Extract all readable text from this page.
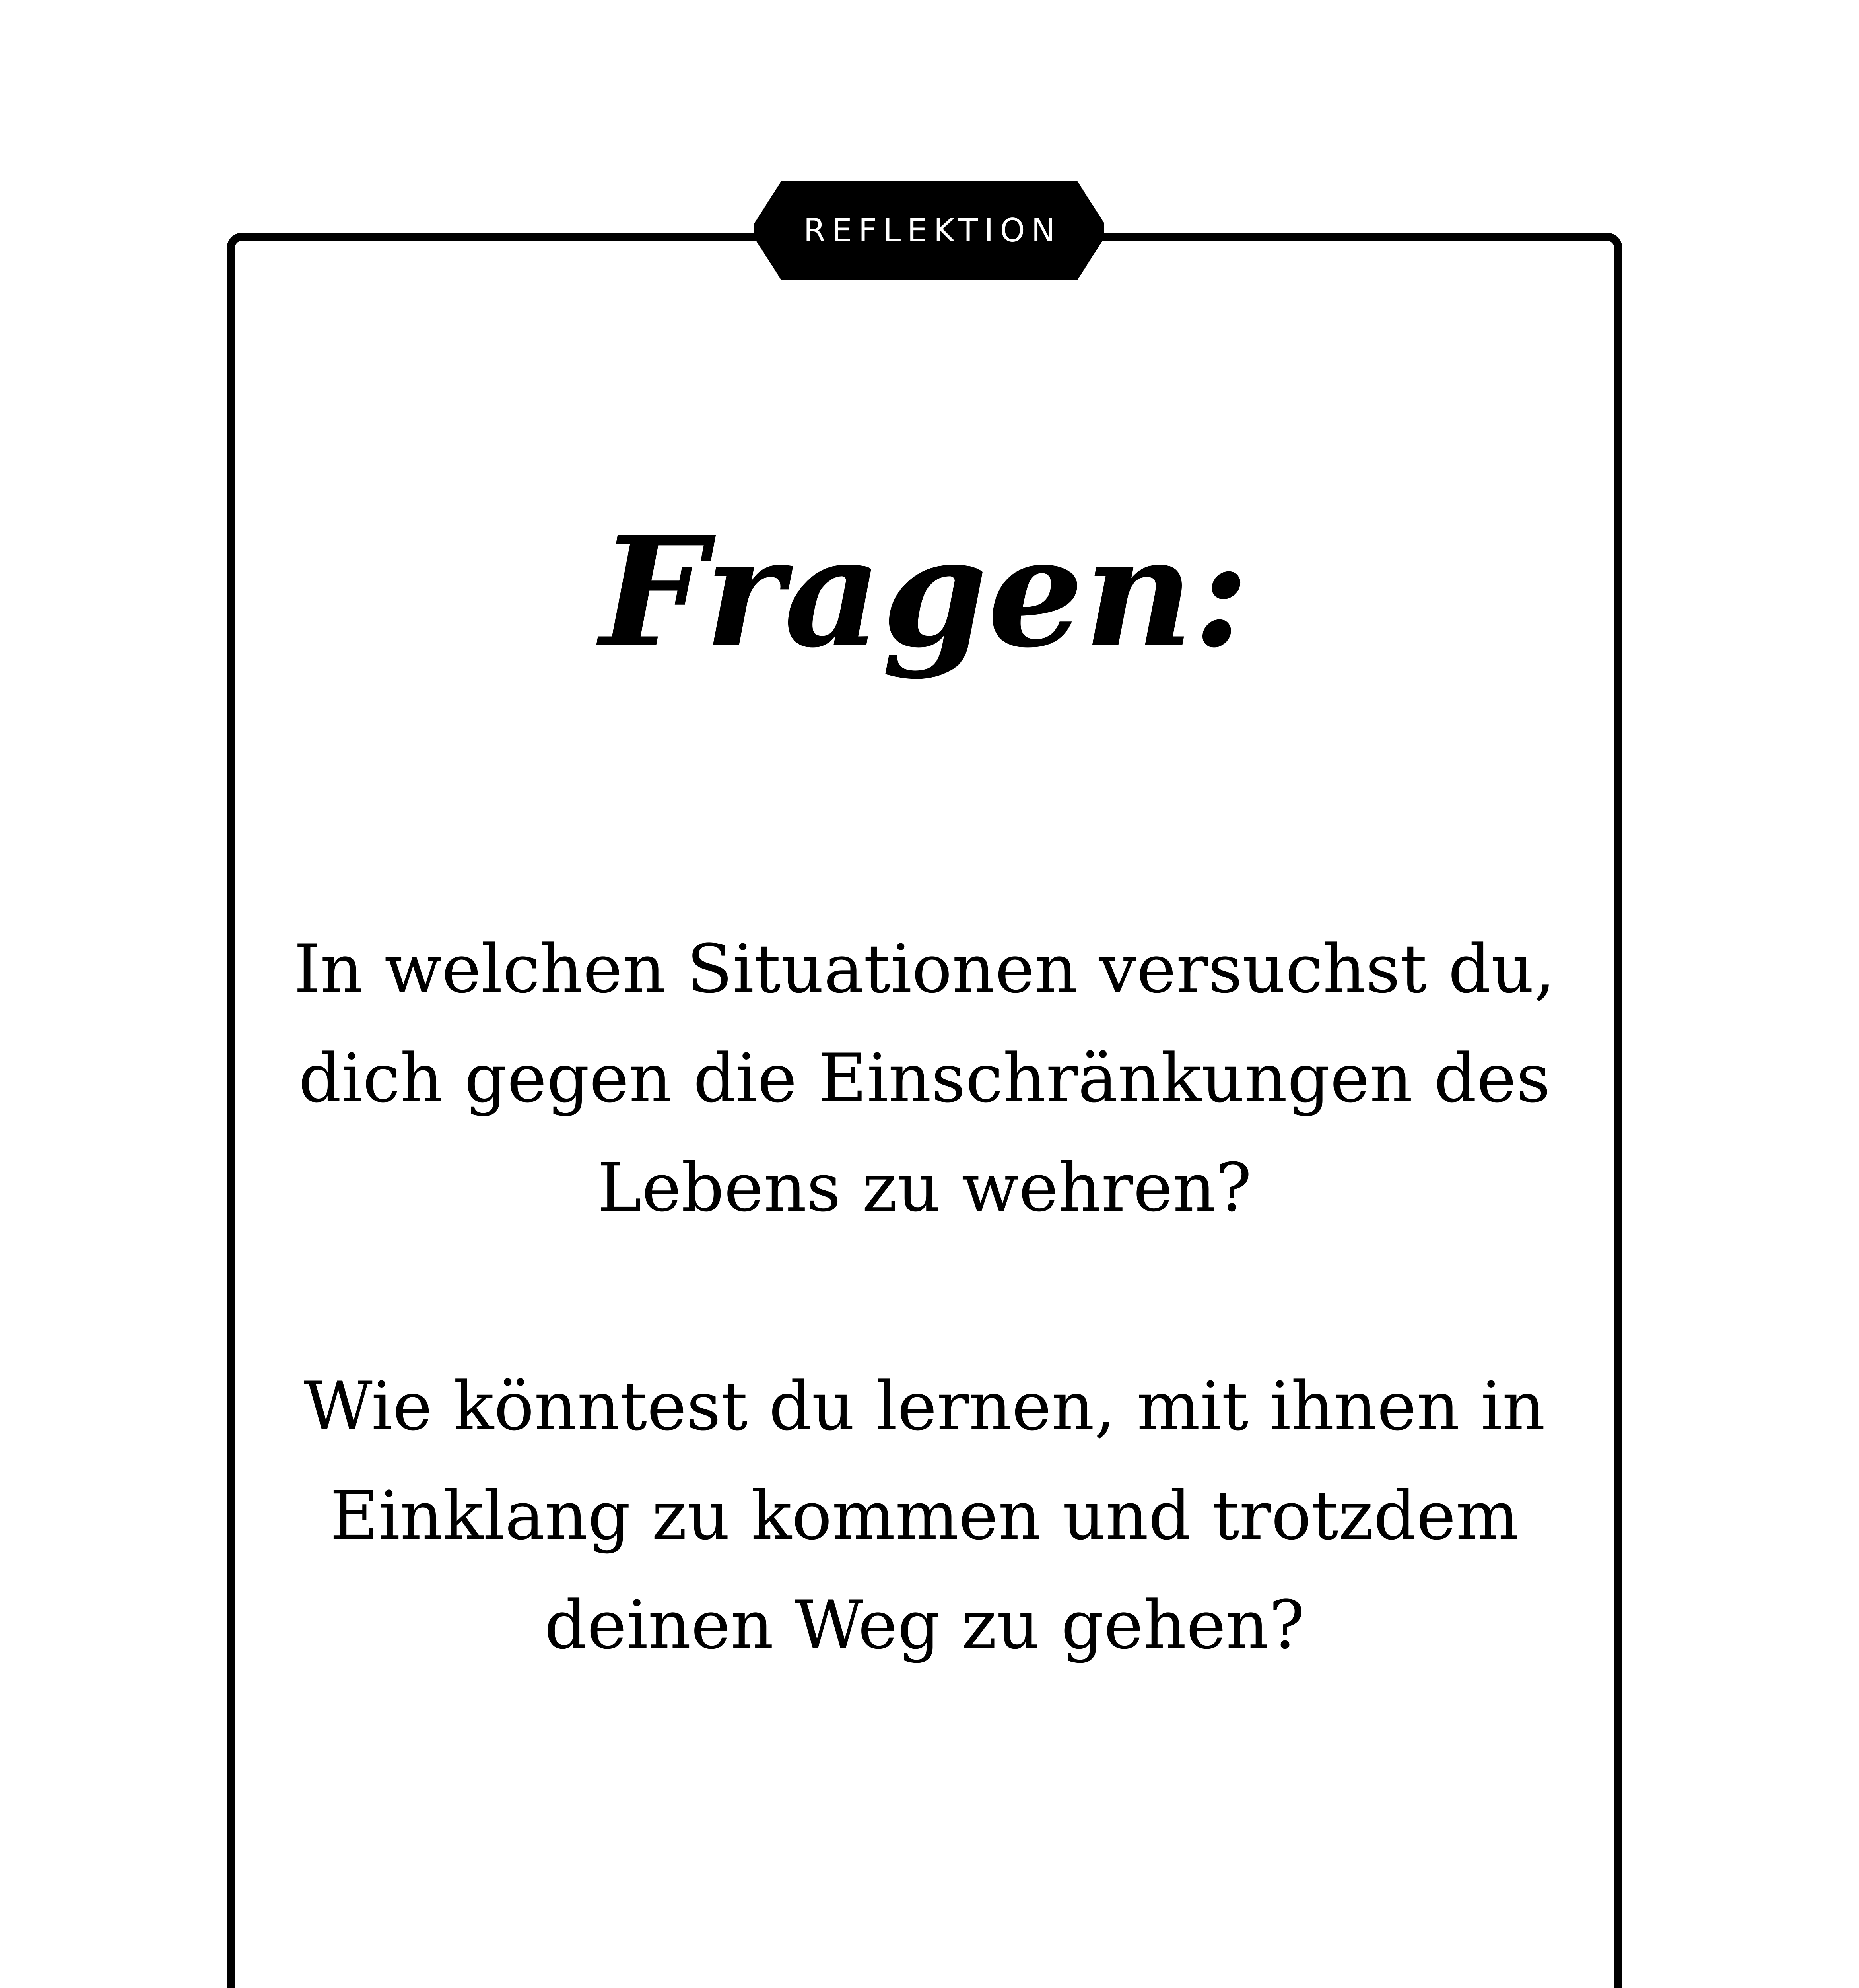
REFLEKTION
Fragen:

In welchen Situationen versuchst du,
dich gegen die Einschränkungen des
Lebens zu wehren?

Wie könntest du lernen, mit ihnen in
Einklang zu kommen und trotzdem
deinen Weg zu gehen?
